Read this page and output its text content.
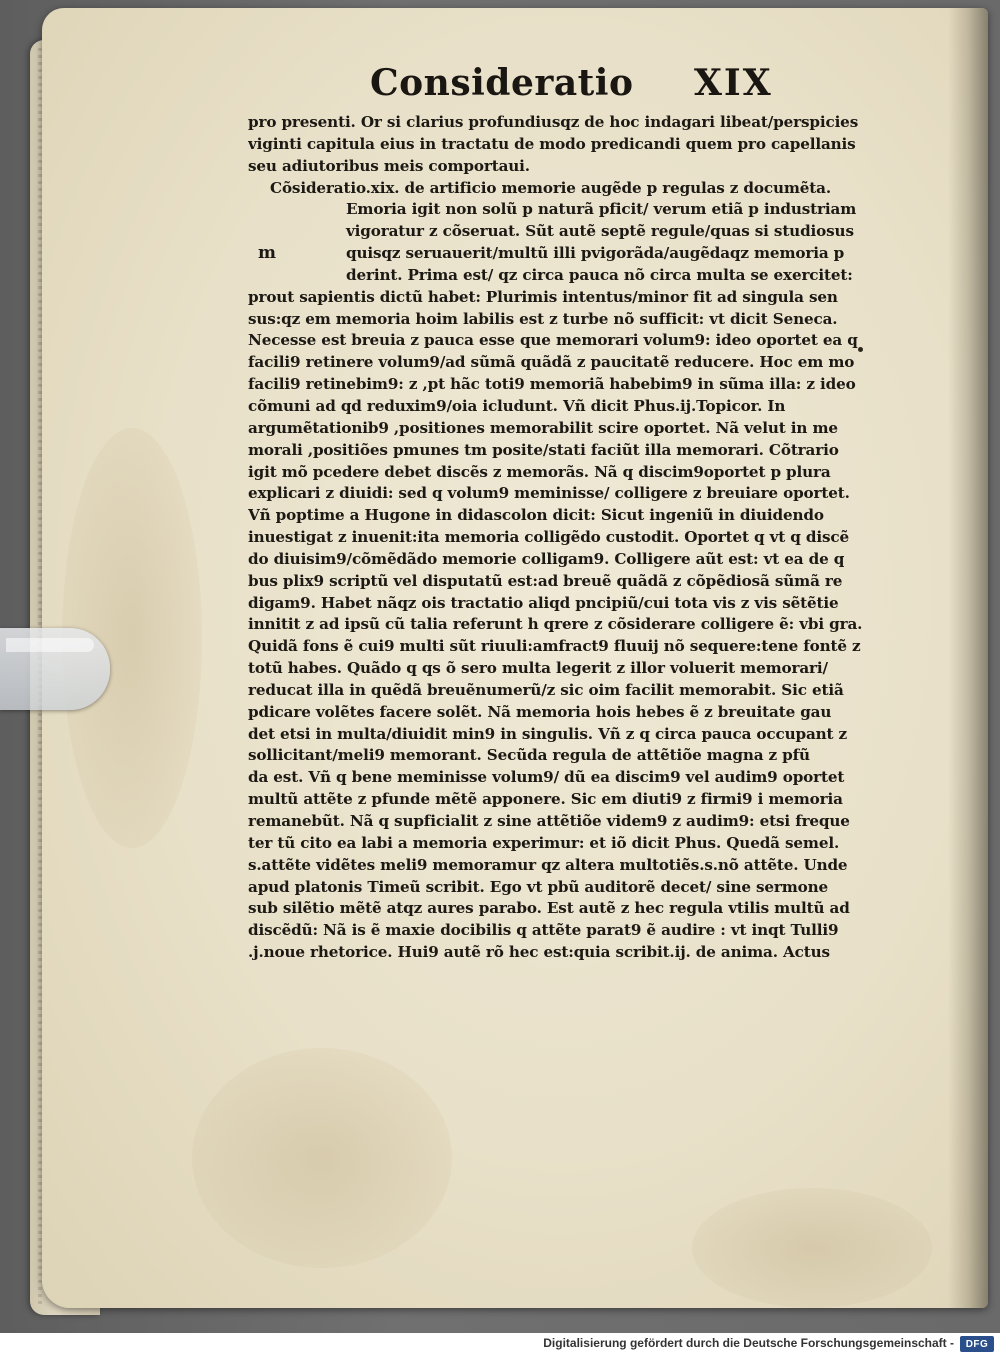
Consideratio XIX
m
pro presenti. Or si clarius profundiusqz de hoc indagari libeat/perspicies
viginti capitula eius in tractatu de modo predicandi quem pro capellanis
seu adiutoribus meis comportaui.
Cõsideratio.xix. de artificio memorie augẽde p regulas z documẽta.
Emoria igit non solũ p naturã pficit/ verum etiã p industriam
vigoratur z cõseruat. Sũt autẽ septẽ regule/quas si studiosus
quisqz seruauerit/multũ illi pvigorãda/augẽdaqz memoria p
derint. Prima est/ qz circa pauca nõ circa multa se exercitet:
prout sapientis dictũ habet: Plurimis intentus/minor fit ad singula sen
sus:qz em memoria hoim labilis est z turbe nõ sufficit: vt dicit Seneca.
Necesse est breuia z pauca esse que memorari volum9: ideo oportet ea q
facili9 retinere volum9/ad sũmã quãdã z paucitatẽ reducere. Hoc em mo
facili9 retinebim9: z ,pt hãc toti9 memoriã habebim9 in sũma illa: z ideo
cõmuni ad qd reduxim9/oia icludunt. Vñ dicit Phus.ij.Topicor. In
argumẽtationib9 ,positiones memorabilit scire oportet. Nã velut in me
morali ,positiões pmunes tm posite/stati faciũt illa memorari. Cõtrario
igit mõ pcedere debet discẽs z memorãs. Nã q discim9oportet p plura
explicari z diuidi: sed q volum9 meminisse/ colligere z breuiare oportet.
Vñ poptime a Hugone in didascolon dicit: Sicut ingeniũ in diuidendo
inuestigat z inuenit:ita memoria colligẽdo custodit. Oportet q vt q discẽ
do diuisim9/cõmẽdãdo memorie colligam9. Colligere aũt est: vt ea de q
bus plix9 scriptũ vel disputatũ est:ad breuẽ quãdã z cõpẽdiosã sũmã re
digam9. Habet nãqz ois tractatio aliqd pncipiũ/cui tota vis z vis sẽtẽtie
innitit z ad ipsũ cũ talia referunt h qrere z cõsiderare colligere ẽ: vbi gra.
Quidã fons ẽ cui9 multi sũt riuuli:amfract9 fluuij nõ sequere:tene fontẽ z
totũ habes. Quãdo q qs õ sero multa legerit z illor voluerit memorari/
reducat illa in quẽdã breuẽnumerũ/z sic oim facilit memorabit. Sic etiã
pdicare volẽtes facere solẽt. Nã memoria hois hebes ẽ z breuitate gau
det etsi in multa/diuidit min9 in singulis. Vñ z q circa pauca occupant z
sollicitant/meli9 memorant. Secũda regula de attẽtiõe magna z pfũ
da est. Vñ q bene meminisse volum9/ dũ ea discim9 vel audim9 oportet
multũ attẽte z pfunde mẽtẽ apponere. Sic em diuti9 z firmi9 i memoria
remanebũt. Nã q supficialit z sine attẽtiõe videm9 z audim9: etsi freque
ter tũ cito ea labi a memoria experimur: et iõ dicit Phus. Quedã semel.
s.attẽte vidẽtes meli9 memoramur qz altera multotiẽs.s.nõ attẽte. Unde
apud platonis Timeũ scribit. Ego vt pbũ auditorẽ decet/ sine sermone
sub silẽtio mẽtẽ atqz aures parabo. Est autẽ z hec regula vtilis multũ ad
discẽdũ: Nã is ẽ maxie docibilis q attẽte parat9 ẽ audire : vt inqt Tulli9
.j.noue rhetorice. Hui9 autẽ rõ hec est:quia scribit.ij. de anima. Actus
Digitalisierung gefördert durch die Deutsche Forschungsgemeinschaft - DFG
